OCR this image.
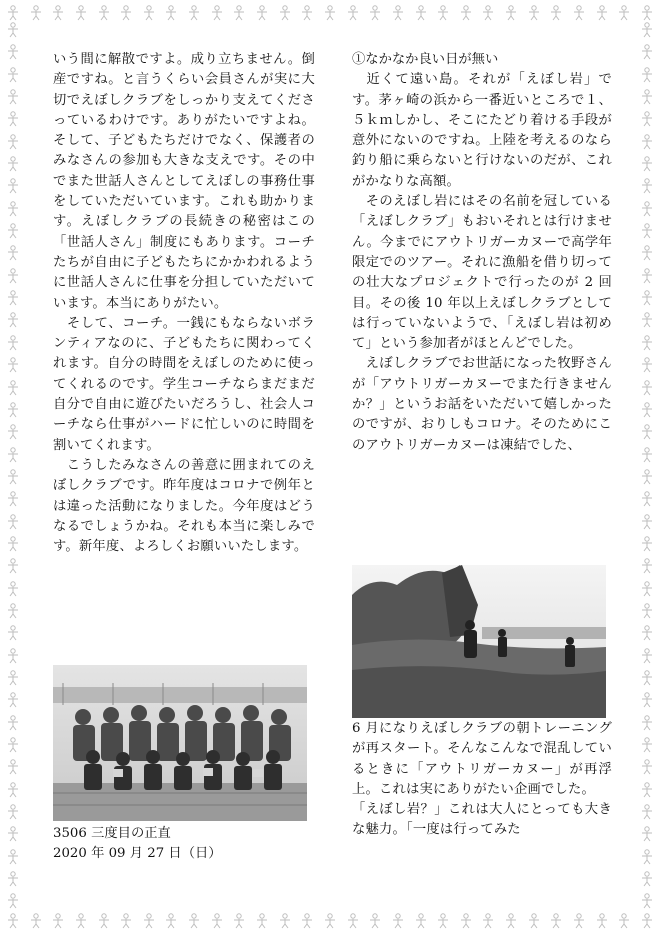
いう間に解散ですよ。成り立ちません。倒産ですね。と言うくらい会員さんが実に大切でえぼしクラブをしっかり支えてくださっているわけです。ありがたいですよね。そして、子どもたちだけでなく、保護者のみなさんの参加も大きな支えです。その中でまた世話人さんとしてえぼしの事務仕事をしていただいています。これも助かります。えぼしクラブの長続きの秘密はこの「世話人さん」制度にもあります。コーチたちが自由に子どもたちにかかわれるように世話人さんに仕事を分担していただいています。本当にありがたい。

　そして、コーチ。一銭にもならないボランティアなのに、子どもたちに関わってくれます。自分の時間をえぼしのために使ってくれるのです。学生コーチならまだまだ自分で自由に遊びたいだろうし、社会人コーチなら仕事がハードに忙しいのに時間を割いてくれます。

　こうしたみなさんの善意に囲まれてのえぼしクラブです。昨年度はコロナで例年とは違った活動になりました。今年度はどうなるでしょうかね。それも本当に楽しみです。新年度、よろしくお願いいたします。

①なかなか良い日が無い

　近くて遠い島。それが「えぼし岩」です。茅ヶ崎の浜から一番近いところで１、５ｋｍしかし、そこにたどり着ける手段が意外にないのですね。上陸を考えるのなら釣り船に乗らないと行けないのだが、これがかなりな高額。

　そのえぼし岩にはその名前を冠している「えぼしクラブ」もおいそれとは行けません。今までにアウトリガーカヌーで高学年限定でのツアー。それに漁船を借り切っての壮大なプロジェクトで行ったのが 2 回目。その後 10 年以上えぼしクラブとしては行っていないようで、「えぼし岩は初めて」という参加者がほとんどでした。

　えぼしクラブでお世話になった牧野さんが「アウトリガーカヌーでまた行きませんか？」というお話をいただいて嬉しかったのですが、おりしもコロナ。そのためにこのアウトリガーカヌーは凍結でした、

3506 三度目の正直
2020 年 09 月 27 日（日）

6 月になりえぼしクラブの朝トレーニングが再スタート。そんなこんなで混乱しているときに「アウトリガーカヌー」が再浮上。これは実にありがたい企画でした。

「えぼし岩？」これは大人にとっても大きな魅力。「一度は行ってみた
